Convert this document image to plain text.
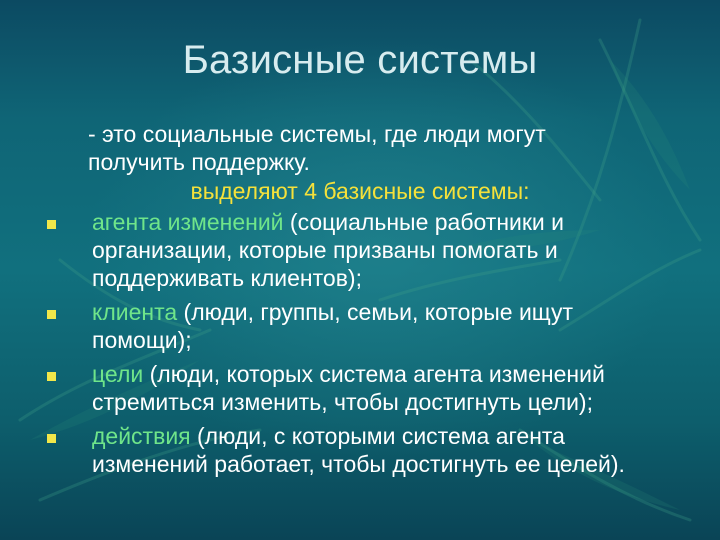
Базисные системы
- это социальные системы, где люди могут
получить поддержку.
выделяют 4 базисные системы:
агента изменений (социальные работники и организации, которые призваны помогать и поддерживать клиентов);
клиента (люди, группы, семьи, которые ищут помощи);
цели (люди, которых система агента изменений стремиться изменить, чтобы достигнуть цели);
действия (люди, с которыми система агента изменений работает, чтобы достигнуть ее целей).
